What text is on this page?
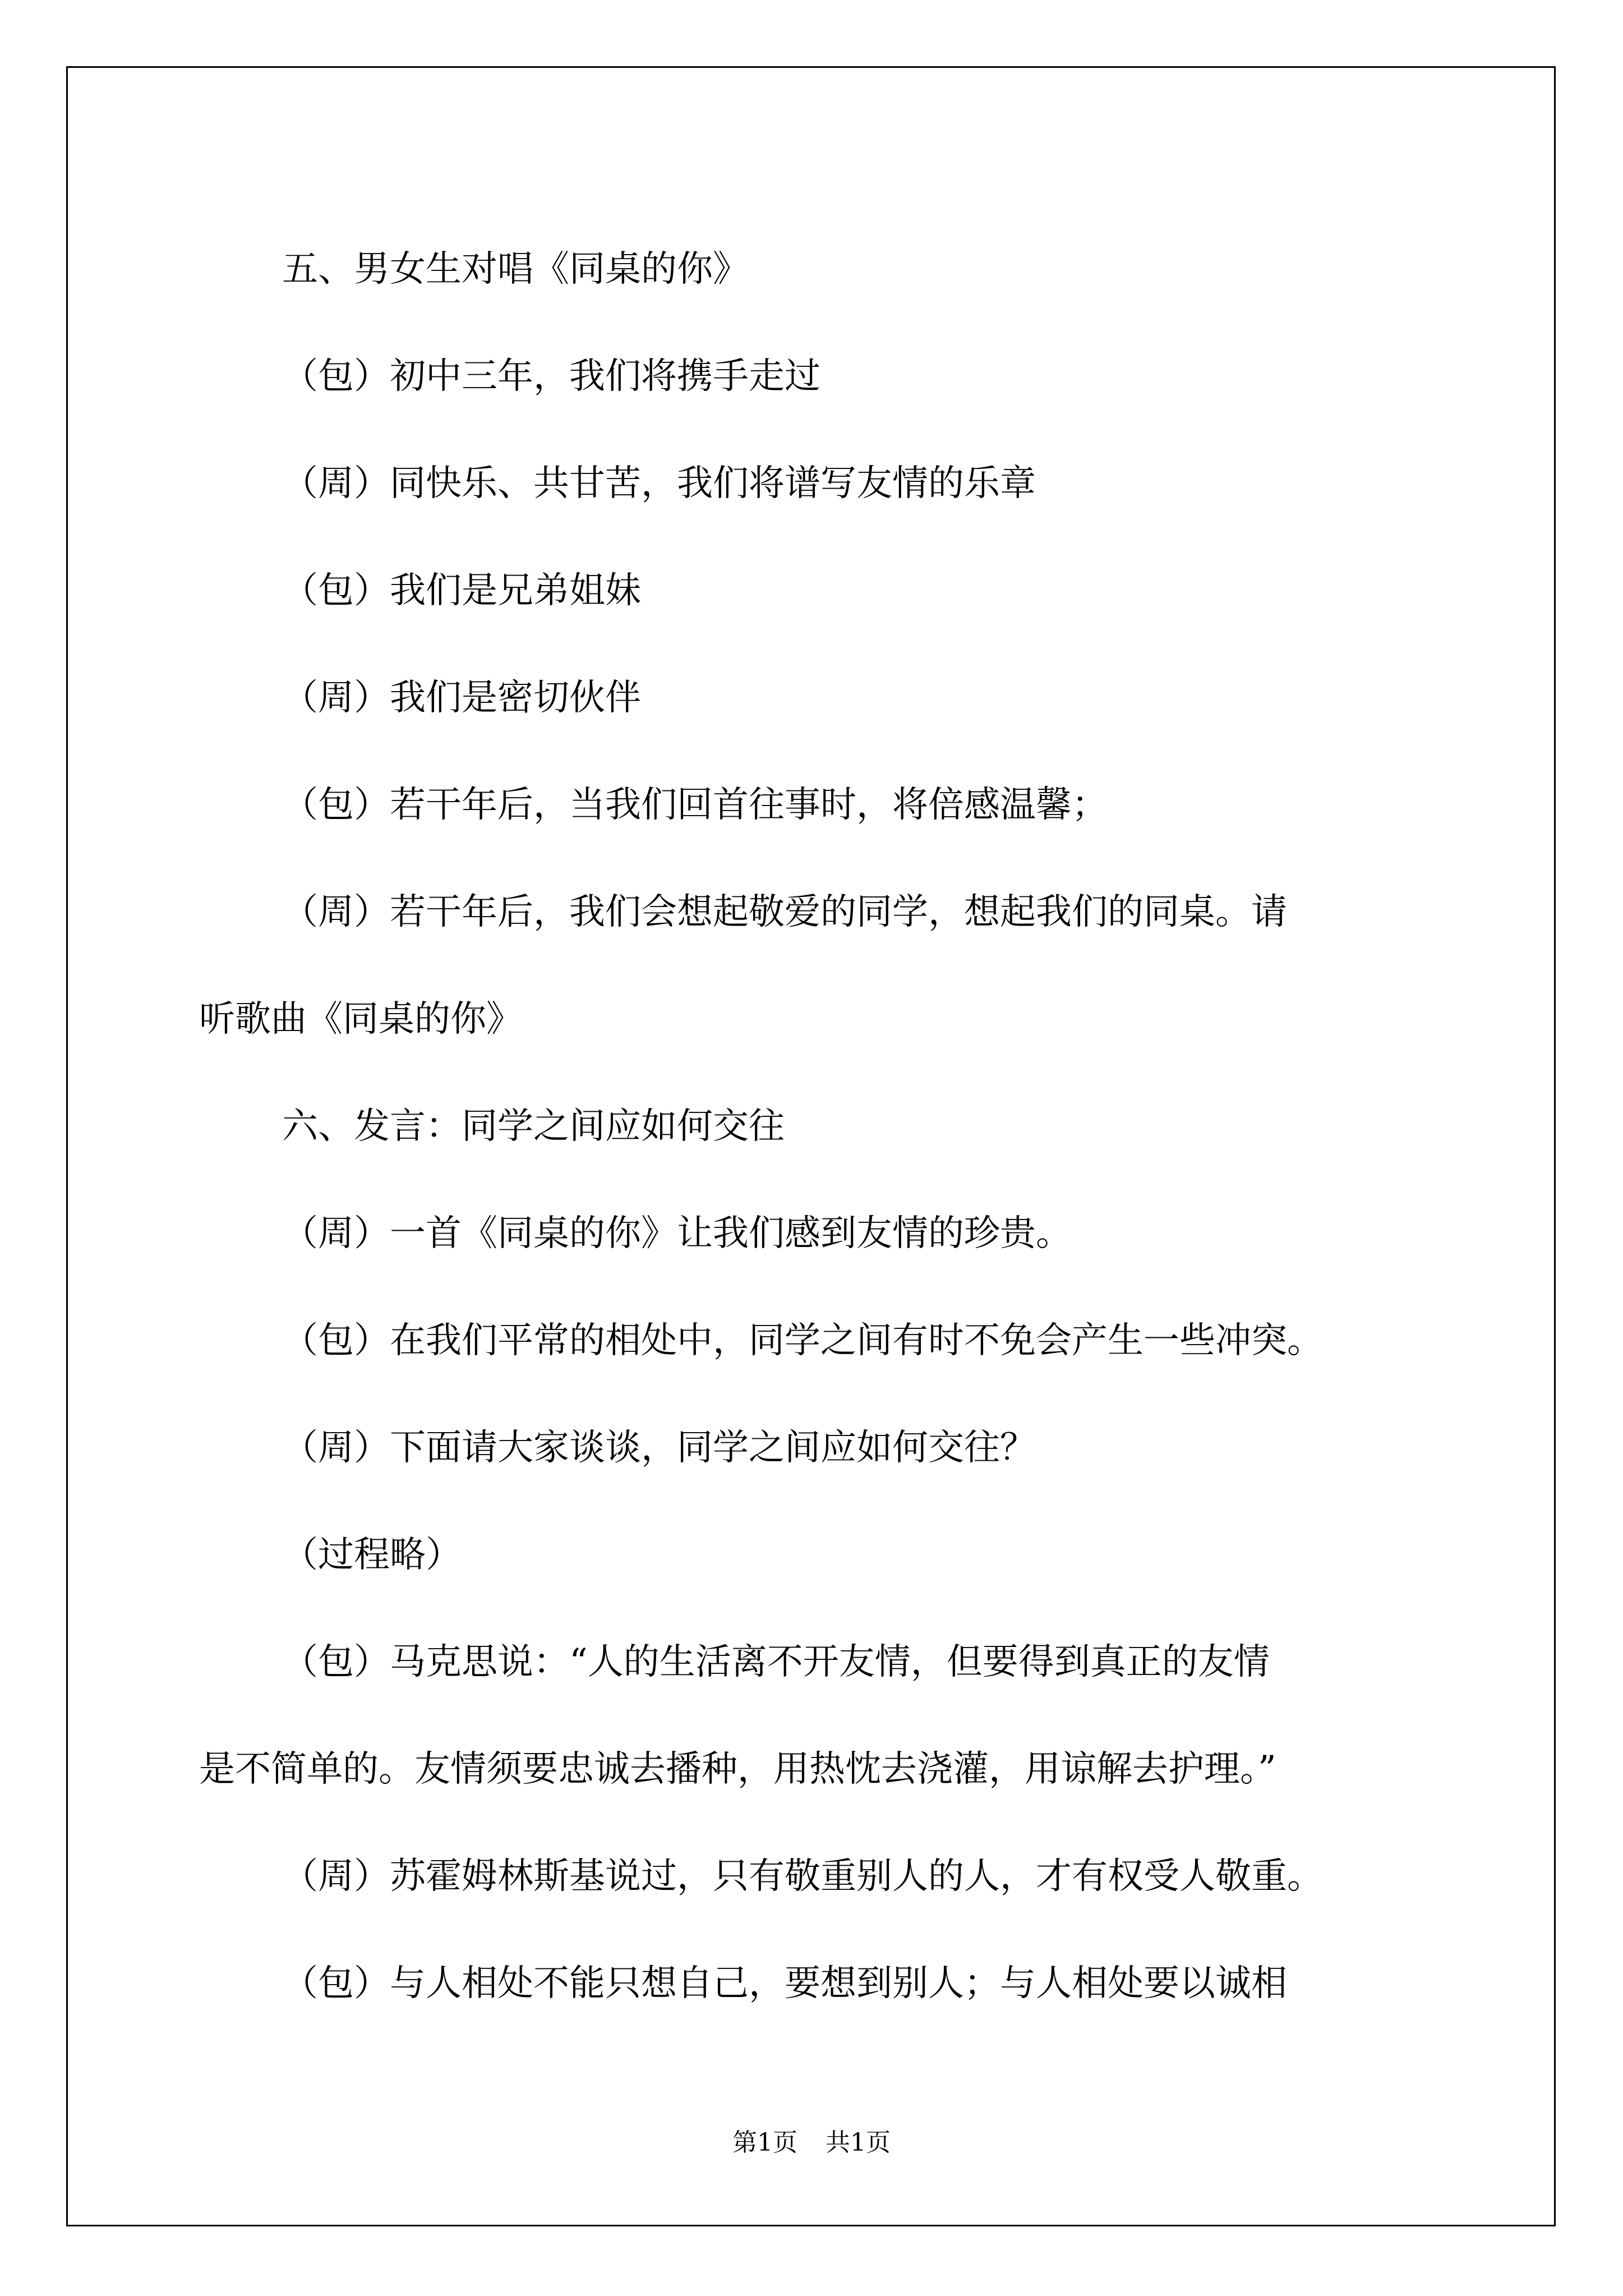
五、男女生对唱《同桌的你》
（包）初中三年，我们将携手走过
（周）同快乐、共甘苦，我们将谱写友情的乐章
（包）我们是兄弟姐妹
（周）我们是密切伙伴
（包）若干年后，当我们回首往事时，将倍感温馨；
（周）若干年后，我们会想起敬爱的同学，想起我们的同桌。请
听歌曲《同桌的你》
六、发言：同学之间应如何交往
（周）一首《同桌的你》让我们感到友情的珍贵。
（包）在我们平常的相处中，同学之间有时不免会产生一些冲突。
（周）下面请大家谈谈，同学之间应如何交往？
（过程略）
（包）马克思说：“人的生活离不开友情，但要得到真正的友情
是不简单的。友情须要忠诚去播种，用热忱去浇灌，用谅解去护理。”
（周）苏霍姆林斯基说过，只有敬重别人的人，才有权受人敬重。
（包）与人相处不能只想自己，要想到别人；与人相处要以诚相
第1页 共1页
